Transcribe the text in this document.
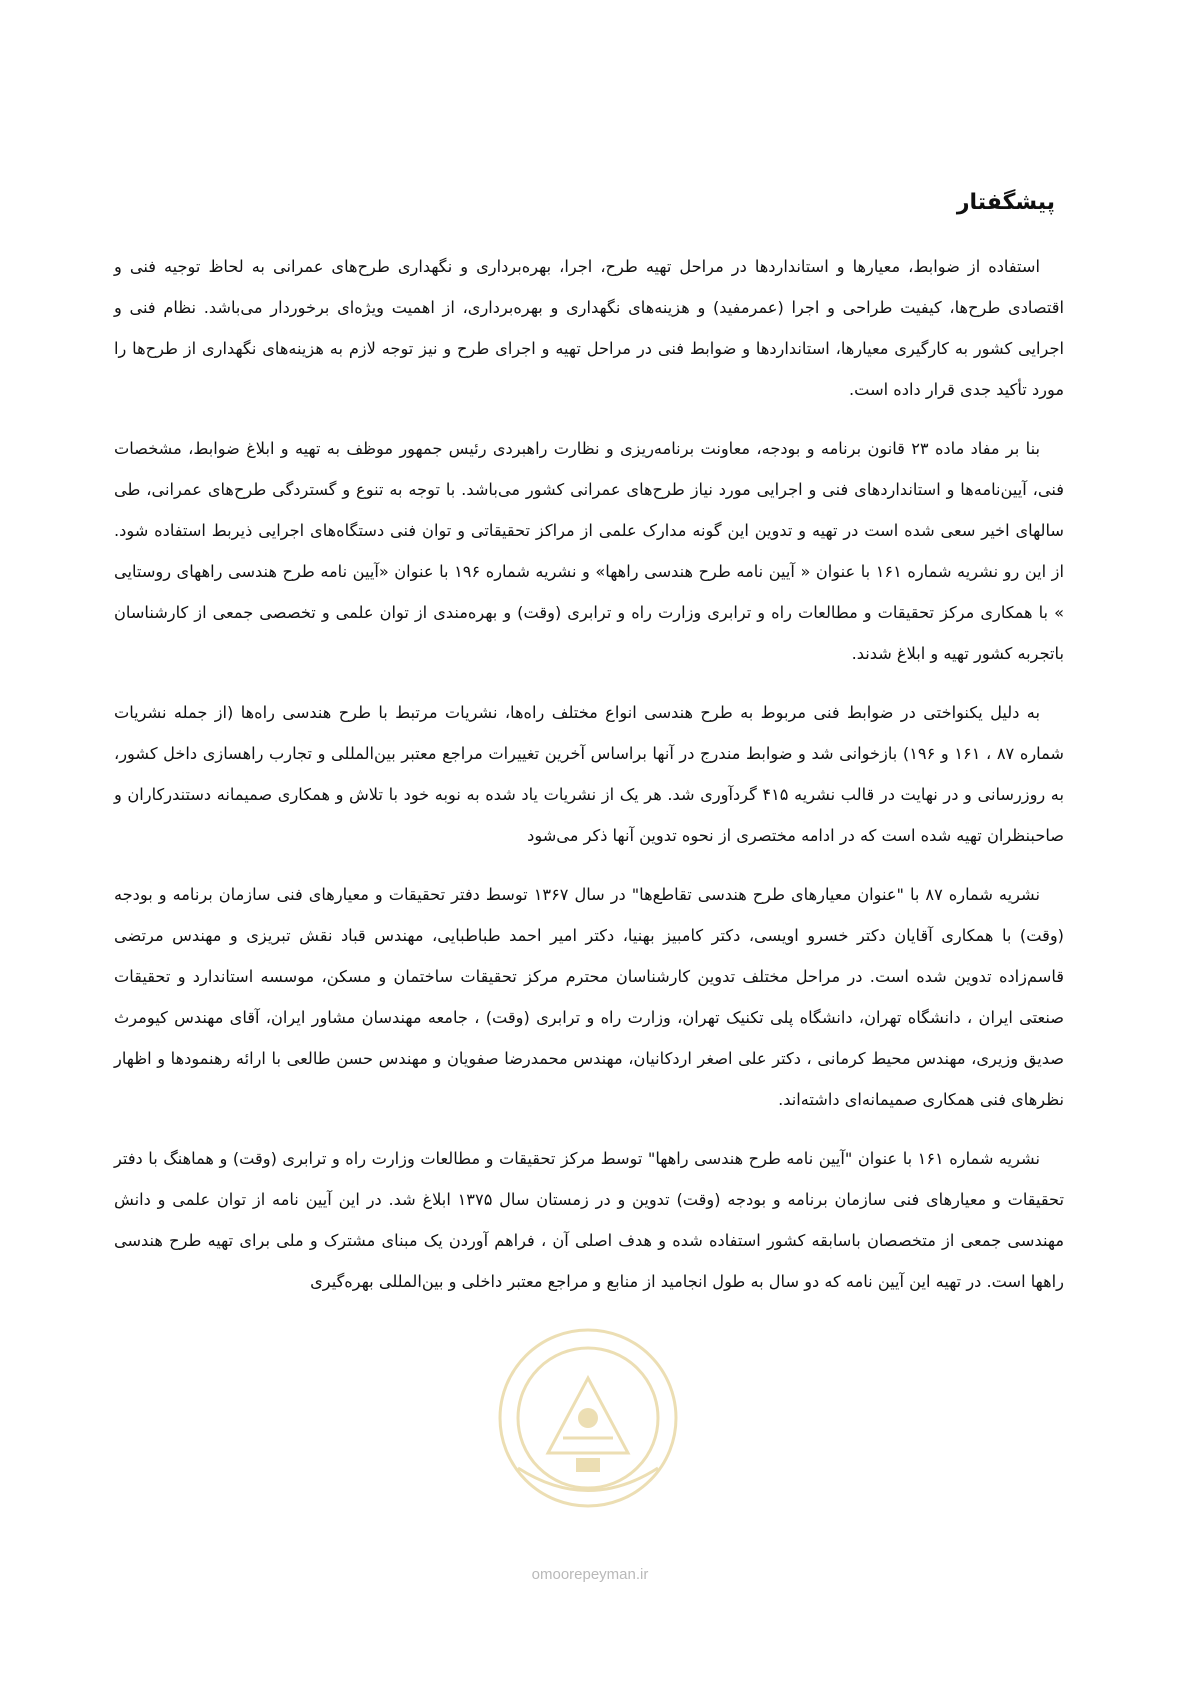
پیشگفتار

استفاده از ضوابط، معیارها و استانداردها در مراحل تهیه طرح، اجرا، بهره‌برداری و نگهداری طرح‌های عمرانی به لحاظ توجیه فنی و اقتصادی طرح‌ها، کیفیت طراحی و اجرا (عمرمفید) و هزینه‌های نگهداری و بهره‌برداری، از اهمیت ویژه‌ای برخوردار می‌باشد. نظام فنی و اجرایی کشور به کارگیری معیارها، استانداردها و ضوابط فنی در مراحل تهیه و اجرای طرح و نیز توجه لازم به هزینه‌های نگهداری از طرح‌ها را مورد تأکید جدی قرار داده است.

بنا بر مفاد ماده ۲۳ قانون برنامه و بودجه، معاونت برنامه‌ریزی و نظارت راهبردی رئیس جمهور موظف به تهیه و ابلاغ ضوابط، مشخصات فنی، آیین‌نامه‌ها و استانداردهای فنی و اجرایی مورد نیاز طرح‌های عمرانی کشور می‌باشد. با توجه به تنوع و گستردگی طرح‌های عمرانی، طی سالهای اخیر سعی شده است در تهیه و تدوین این گونه مدارک علمی از مراکز تحقیقاتی و توان فنی دستگاه‌های اجرایی ذیربط استفاده شود. از این رو نشریه شماره ۱۶۱ با عنوان « آیین نامه طرح هندسی راهها» و نشریه شماره ۱۹۶ با عنوان «آیین نامه طرح هندسی راههای روستایی » با همکاری مرکز تحقیقات و مطالعات راه و ترابری وزارت راه و ترابری (وقت) و بهره‌مندی از توان علمی و تخصصی جمعی از کارشناسان باتجربه کشور تهیه و ابلاغ شدند.

به دلیل یکنواختی در ضوابط فنی مربوط به طرح هندسی انواع مختلف راه‌ها، نشریات مرتبط با طرح هندسی راه‌ها (از جمله نشریات شماره ۸۷ ، ۱۶۱ و ۱۹۶) بازخوانی شد و ضوابط مندرج در آنها براساس آخرین تغییرات مراجع معتبر بین‌المللی و تجارب راهسازی داخل کشور، به روزرسانی و در نهایت در قالب نشریه ۴۱۵ گردآوری شد. هر یک از نشریات یاد شده به نوبه خود با تلاش و همکاری صمیمانه دستندرکاران و صاحبنظران تهیه شده است که در ادامه مختصری از نحوه تدوین آنها ذکر می‌شود

نشریه شماره ۸۷ با "عنوان معیارهای طرح هندسی تقاطع‌ها" در سال ۱۳۶۷ توسط دفتر تحقیقات و معیارهای فنی سازمان برنامه و بودجه (وقت) با همکاری آقایان دکتر خسرو اویسی، دکتر کامبیز بهنیا، دکتر امیر احمد طباطبایی، مهندس قباد نقش تبریزی و مهندس مرتضی قاسم‌زاده تدوین شده است. در مراحل مختلف تدوین کارشناسان محترم مرکز تحقیقات ساختمان و مسکن، موسسه استاندارد و تحقیقات صنعتی ایران ، دانشگاه تهران، دانشگاه پلی تکنیک تهران، وزارت راه و ترابری (وقت) ، جامعه مهندسان مشاور ایران، آقای مهندس کیومرث صدیق وزیری، مهندس محیط کرمانی ، دکتر علی اصغر اردکانیان، مهندس محمدرضا صفویان و مهندس حسن طالعی با ارائه رهنمودها و اظهار نظرهای فنی همکاری صمیمانه‌ای داشته‌اند.

نشریه شماره ۱۶۱ با عنوان "آیین نامه طرح هندسی راهها" توسط مرکز تحقیقات و مطالعات وزارت راه و ترابری (وقت) و هماهنگ با دفتر تحقیقات و معیارهای فنی سازمان برنامه و بودجه (وقت) تدوین و در زمستان سال ۱۳۷۵ ابلاغ شد. در این آیین نامه از توان علمی و دانش مهندسی جمعی از متخصصان باسابقه کشور استفاده شده و هدف اصلی آن ، فراهم آوردن یک مبنای مشترک و ملی برای تهیه طرح هندسی راهها است. در تهیه این آیین نامه که دو سال به طول انجامید از منابع و مراجع معتبر داخلی و بین‌المللی بهره‌گیری

omoorepeyman.ir
